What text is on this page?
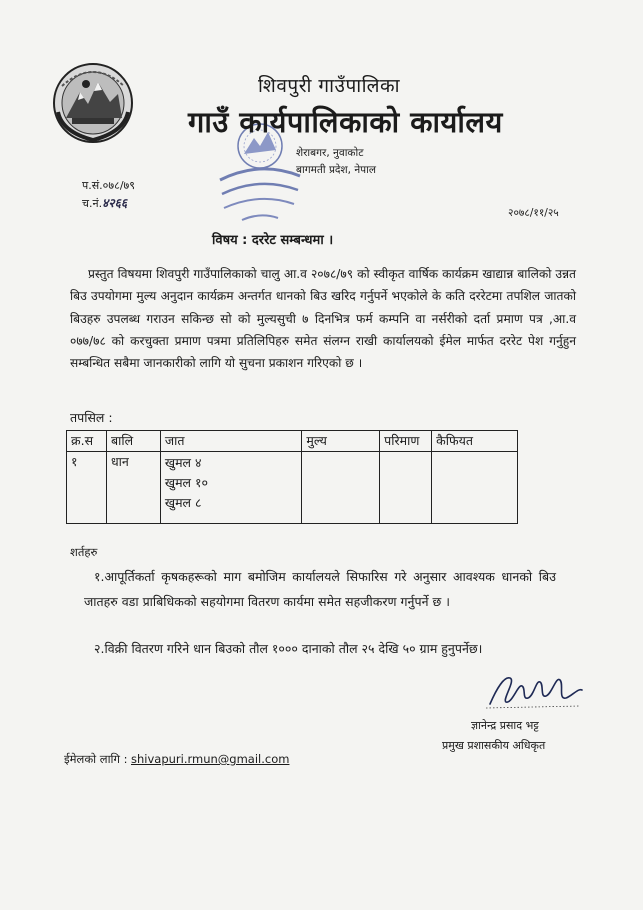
शिवपुरी गाउँपालिका
गाउँ कार्यपालिकाको कार्यालय
शेराबगर, नुवाकोट
बागमती प्रदेश, नेपाल
प.सं.०७८/७९
च.नं.४२६६
२०७८/११/२५
विषय : दररेट सम्बन्धमा ।
प्रस्तुत विषयमा शिवपुरी गाउँपालिकाको चालु आ.व २०७८/७९ को स्वीकृत वार्षिक कार्यक्रम खाद्यान्न बालिको उन्नत बिउ उपयोगमा मुल्य अनुदान कार्यक्रम अन्तर्गत धानको बिउ खरिद गर्नुपर्ने भएकोले के कति दररेटमा तपशिल जातको बिउहरु उपलब्ध गराउन सकिन्छ सो को मुल्यसुची ७ दिनभित्र फर्म कम्पनि वा नर्सरीको दर्ता प्रमाण पत्र ,आ.व ०७७/७८ को करचुक्ता प्रमाण पत्रमा प्रतिलिपिहरु समेत संलग्न राखी कार्यालयको ईमेल मार्फत दररेट पेश गर्नुहुन सम्बन्धित सबैमा जानकारीको लागि यो सुचना प्रकाशन गरिएको छ ।
तपसिल :
क्र.स	बालि	जात	मुल्य	परिमाण	कैफियत
१	धान	खुमल ४
खुमल १०
खुमल ८			

शर्तहरु
१.आपूर्तिकर्ता कृषकहरूको माग बमोजिम कार्यालयले सिफारिस गरे अनुसार आवश्यक धानको बिउ जातहरु वडा प्राबिधिकको सहयोगमा वितरण कार्यमा समेत सहजीकरण गर्नुपर्ने छ ।
२.विक्री वितरण गरिने धान बिउको तौल १००० दानाको तौल २५ देखि ५० ग्राम हुनुपर्नेछ।
ज्ञानेन्द्र प्रसाद भट्ट
प्रमुख प्रशासकीय अधिकृत
ईमेलको लागि : shivapuri.rmun@gmail.com
